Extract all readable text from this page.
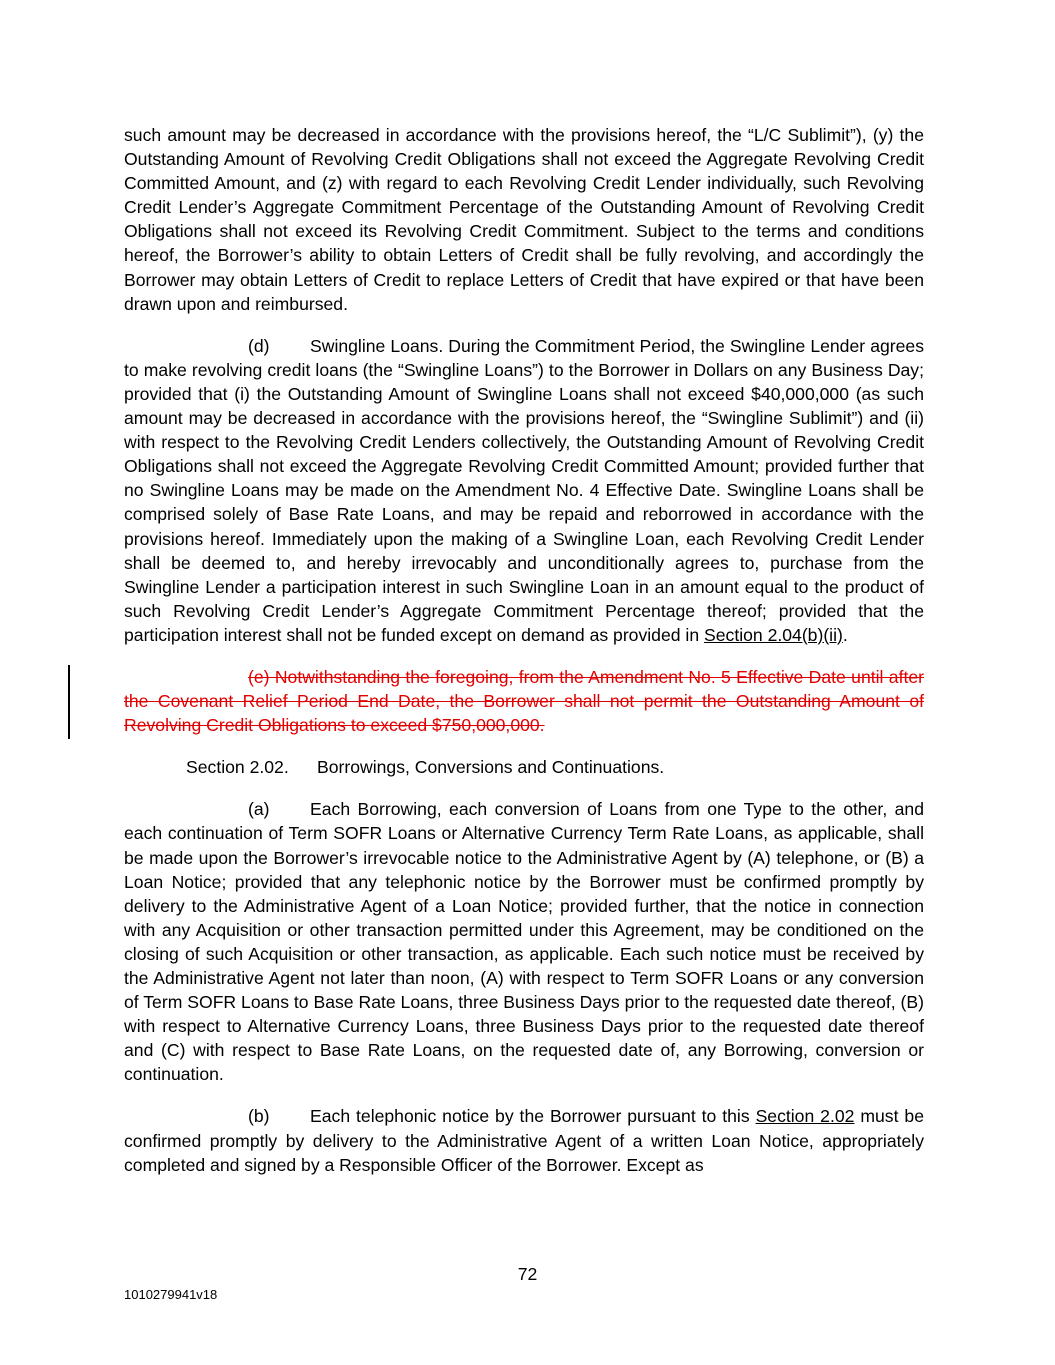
such amount may be decreased in accordance with the provisions hereof, the “L/C Sublimit”), (y) the Outstanding Amount of Revolving Credit Obligations shall not exceed the Aggregate Revolving Credit Committed Amount, and (z) with regard to each Revolving Credit Lender individually, such Revolving Credit Lender’s Aggregate Commitment Percentage of the Outstanding Amount of Revolving Credit Obligations shall not exceed its Revolving Credit Commitment. Subject to the terms and conditions hereof, the Borrower’s ability to obtain Letters of Credit shall be fully revolving, and accordingly the Borrower may obtain Letters of Credit to replace Letters of Credit that have expired or that have been drawn upon and reimbursed.

(d) Swingline Loans. During the Commitment Period, the Swingline Lender agrees to make revolving credit loans (the “Swingline Loans”) to the Borrower in Dollars on any Business Day; provided that (i) the Outstanding Amount of Swingline Loans shall not exceed $40,000,000 (as such amount may be decreased in accordance with the provisions hereof, the “Swingline Sublimit”) and (ii) with respect to the Revolving Credit Lenders collectively, the Outstanding Amount of Revolving Credit Obligations shall not exceed the Aggregate Revolving Credit Committed Amount; provided further that no Swingline Loans may be made on the Amendment No. 4 Effective Date. Swingline Loans shall be comprised solely of Base Rate Loans, and may be repaid and reborrowed in accordance with the provisions hereof. Immediately upon the making of a Swingline Loan, each Revolving Credit Lender shall be deemed to, and hereby irrevocably and unconditionally agrees to, purchase from the Swingline Lender a participation interest in such Swingline Loan in an amount equal to the product of such Revolving Credit Lender’s Aggregate Commitment Percentage thereof; provided that the participation interest shall not be funded except on demand as provided in Section 2.04(b)(ii).

(e) Notwithstanding the foregoing, from the Amendment No. 5 Effective Date until after the Covenant Relief Period End Date, the Borrower shall not permit the Outstanding Amount of Revolving Credit Obligations to exceed $750,000,000.

Section 2.02. Borrowings, Conversions and Continuations.

(a) Each Borrowing, each conversion of Loans from one Type to the other, and each continuation of Term SOFR Loans or Alternative Currency Term Rate Loans, as applicable, shall be made upon the Borrower’s irrevocable notice to the Administrative Agent by (A) telephone, or (B) a Loan Notice; provided that any telephonic notice by the Borrower must be confirmed promptly by delivery to the Administrative Agent of a Loan Notice; provided further, that the notice in connection with any Acquisition or other transaction permitted under this Agreement, may be conditioned on the closing of such Acquisition or other transaction, as applicable. Each such notice must be received by the Administrative Agent not later than noon, (A) with respect to Term SOFR Loans or any conversion of Term SOFR Loans to Base Rate Loans, three Business Days prior to the requested date thereof, (B) with respect to Alternative Currency Loans, three Business Days prior to the requested date thereof and (C) with respect to Base Rate Loans, on the requested date of, any Borrowing, conversion or continuation.

(b) Each telephonic notice by the Borrower pursuant to this Section 2.02 must be confirmed promptly by delivery to the Administrative Agent of a written Loan Notice, appropriately completed and signed by a Responsible Officer of the Borrower. Except as

72
1010279941v18
